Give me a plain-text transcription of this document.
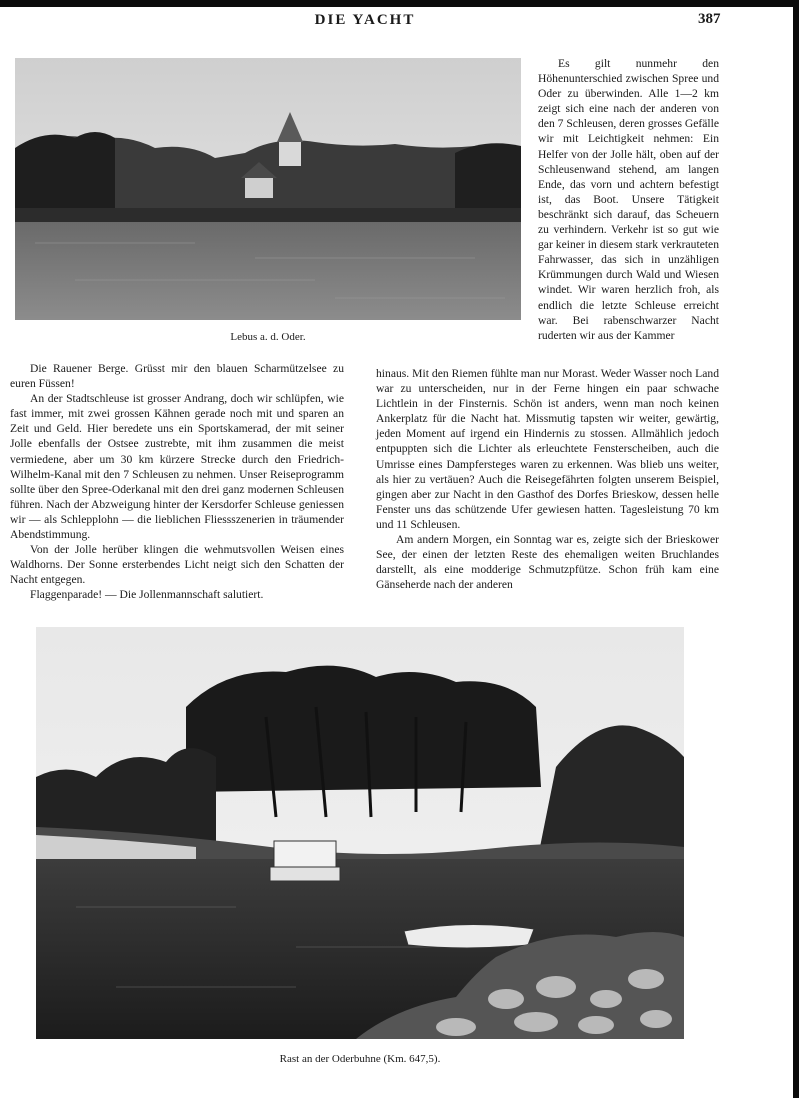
DIE YACHT	387
Lebus a. d. Oder.

Es gilt nunmehr den Höhenunterschied zwischen Spree und Oder zu überwinden. Alle 1—2 km zeigt sich eine nach der anderen von den 7 Schleusen, deren grosses Gefälle wir mit Leichtigkeit nehmen: Ein Helfer von der Jolle hält, oben auf der Schleusenwand stehend, am langen Ende, das vorn und achtern befestigt ist, das Boot. Unsere Tätigkeit beschränkt sich darauf, das Scheuern zu verhindern. Verkehr ist so gut wie gar keiner in diesem stark verkrauteten Fahrwasser, das sich in unzähligen Krümmungen durch Wald und Wiesen windet. Wir waren herzlich froh, als endlich die letzte Schleuse erreicht war. Bei rabenschwarzer Nacht ruderten wir aus der Kammer

Die Rauener Berge. Grüsst mir den blauen Scharmützelsee zu euren Füssen!

An der Stadtschleuse ist grosser Andrang, doch wir schlüpfen, wie fast immer, mit zwei grossen Kähnen gerade noch mit und sparen an Zeit und Geld. Hier beredete uns ein Sportskamerad, der mit seiner Jolle ebenfalls der Ostsee zustrebte, mit ihm zusammen die meist vermiedene, aber um 30 km kürzere Strecke durch den Friedrich-Wilhelm-Kanal mit den 7 Schleusen zu nehmen. Unser Reiseprogramm sollte über den Spree-Oderkanal mit den drei ganz modernen Schleusen führen. Nach der Abzweigung hinter der Kersdorfer Schleuse geniessen wir — als Schlepplohn — die lieblichen Fliessszenerien in träumender Abendstimmung.

Von der Jolle herüber klingen die wehmutsvollen Weisen eines Waldhorns. Der Sonne ersterbendes Licht neigt sich den Schatten der Nacht entgegen.

Flaggenparade! — Die Jollenmannschaft salutiert.

hinaus. Mit den Riemen fühlte man nur Morast. Weder Wasser noch Land war zu unterscheiden, nur in der Ferne hingen ein paar schwache Lichtlein in der Finsternis. Schön ist anders, wenn man noch keinen Ankerplatz für die Nacht hat. Missmutig tapsten wir weiter, gewärtig, jeden Moment auf irgend ein Hindernis zu stossen. Allmählich jedoch entpuppten sich die Lichter als erleuchtete Fensterscheiben, auch die Umrisse eines Dampfersteges waren zu erkennen. Was blieb uns weiter, als hier zu vertäuen? Auch die Reisegefährten folgten unserem Beispiel, gingen aber zur Nacht in den Gasthof des Dorfes Brieskow, dessen helle Fenster uns das schützende Ufer gewiesen hatten. Tagesleistung 70 km und 11 Schleusen.

Am andern Morgen, ein Sonntag war es, zeigte sich der Brieskower See, der einen der letzten Reste des ehemaligen weiten Bruchlandes darstellt, als eine modderige Schmutzpfütze. Schon früh kam eine Gänseherde nach der anderen

Rast an der Oderbuhne (Km. 647,5).
